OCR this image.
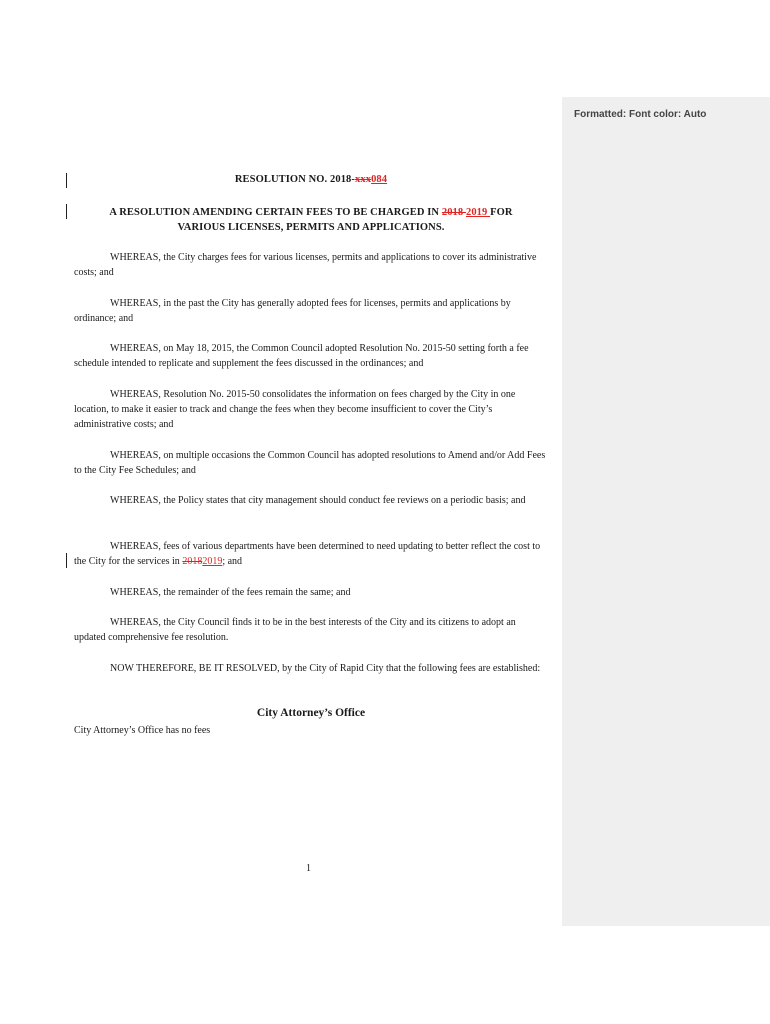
RESOLUTION NO. 2018-xxx084
A RESOLUTION AMENDING CERTAIN FEES TO BE CHARGED IN 2018 2019 FOR
VARIOUS LICENSES, PERMITS AND APPLICATIONS.
WHEREAS, the City charges fees for various licenses, permits and applications to cover its administrative costs; and
WHEREAS, in the past the City has generally adopted fees for licenses, permits and applications by ordinance; and
WHEREAS, on May 18, 2015, the Common Council adopted Resolution No. 2015-50 setting forth a fee schedule intended to replicate and supplement the fees discussed in the ordinances; and
WHEREAS, Resolution No. 2015-50 consolidates the information on fees charged by the City in one location, to make it easier to track and change the fees when they become insufficient to cover the City’s administrative costs; and
WHEREAS, on multiple occasions the Common Council has adopted resolutions to Amend and/or Add Fees to the City Fee Schedules; and
WHEREAS, the Policy states that city management should conduct fee reviews on a periodic basis; and
WHEREAS, fees of various departments have been determined to need updating to better reflect the cost to the City for the services in 20182019; and
WHEREAS, the remainder of the fees remain the same; and
WHEREAS, the City Council finds it to be in the best interests of the City and its citizens to adopt an updated comprehensive fee resolution.
NOW THEREFORE, BE IT RESOLVED, by the City of Rapid City that the following fees are established:
City Attorney’s Office
City Attorney’s Office has no fees
1
Formatted: Font color: Auto
